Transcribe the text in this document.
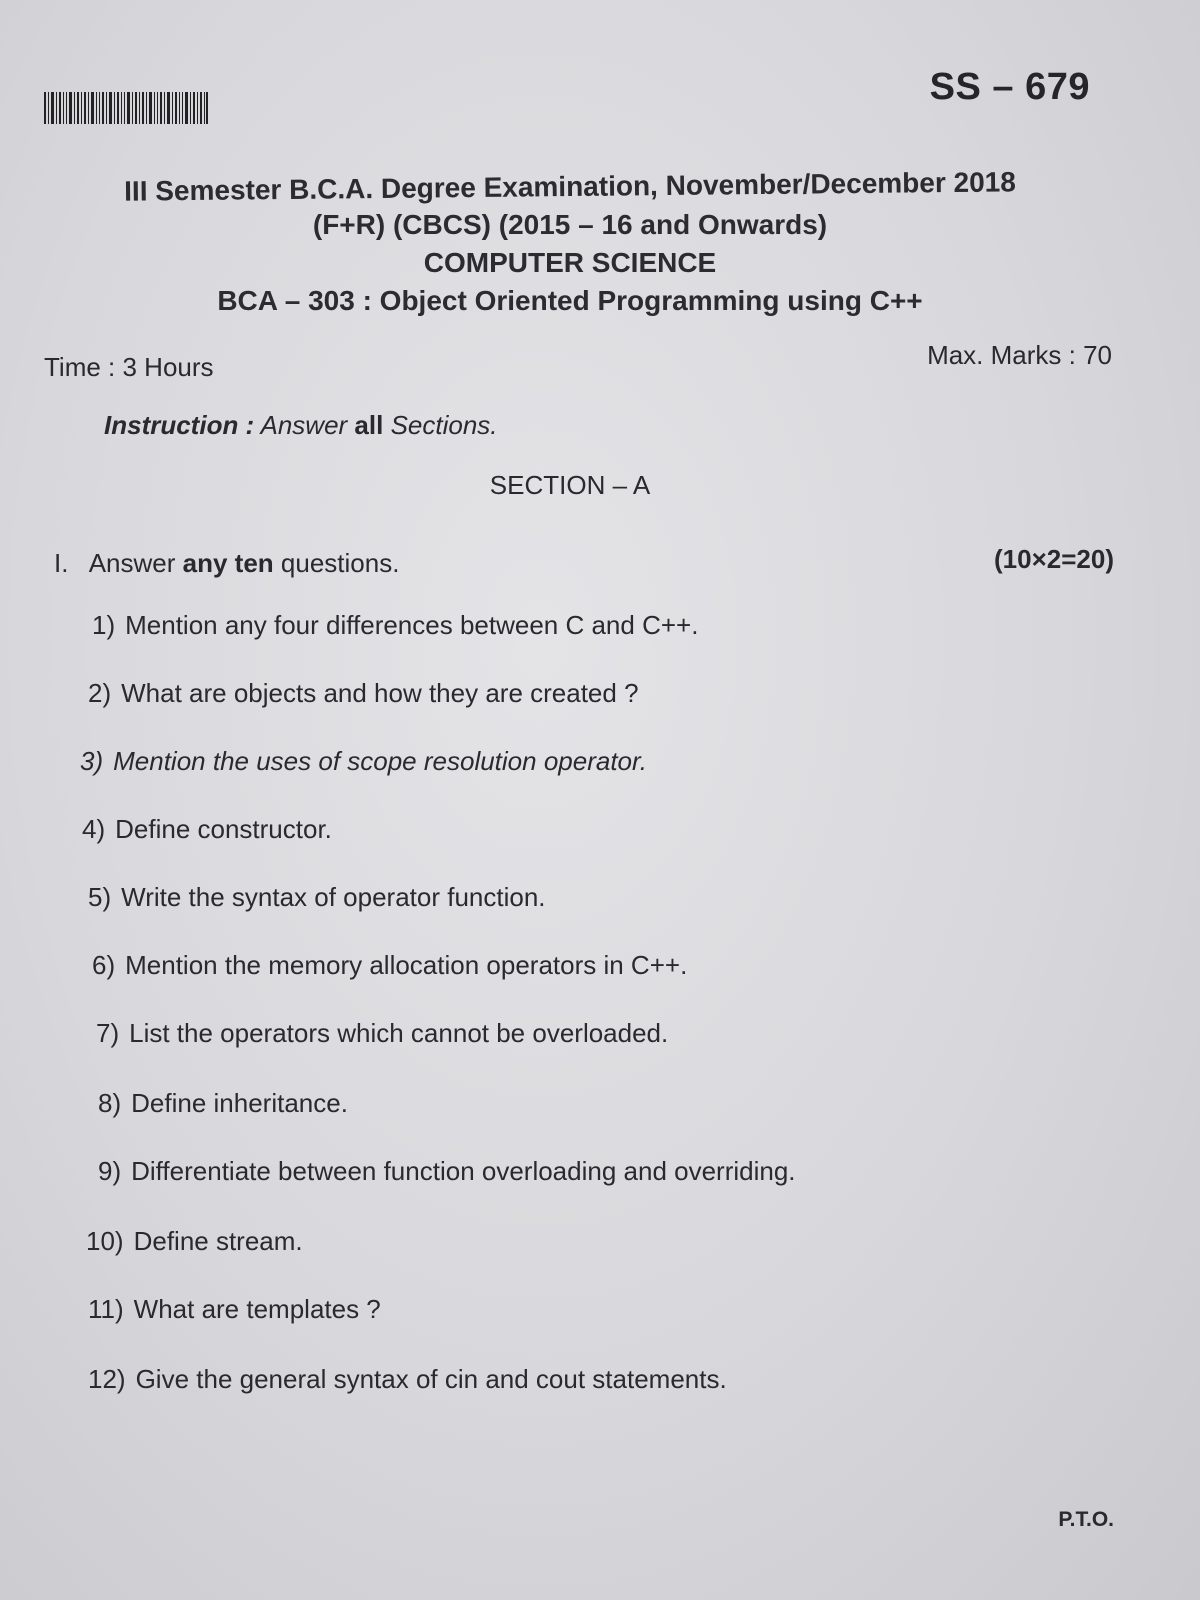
SS – 679
III Semester B.C.A. Degree Examination, November/December 2018
(F+R) (CBCS) (2015 – 16 and Onwards)
COMPUTER SCIENCE
BCA – 303 : Object Oriented Programming using C++
Time : 3 Hours	Max. Marks : 70
Instruction : Answer all Sections.
SECTION – A
I. Answer any ten questions.	(10×2=20)
1) Mention any four differences between C and C++.
2) What are objects and how they are created ?
3) Mention the uses of scope resolution operator.
4) Define constructor.
5) Write the syntax of operator function.
6) Mention the memory allocation operators in C++.
7) List the operators which cannot be overloaded.
8) Define inheritance.
9) Differentiate between function overloading and overriding.
10) Define stream.
11) What are templates ?
12) Give the general syntax of cin and cout statements.
P.T.O.
